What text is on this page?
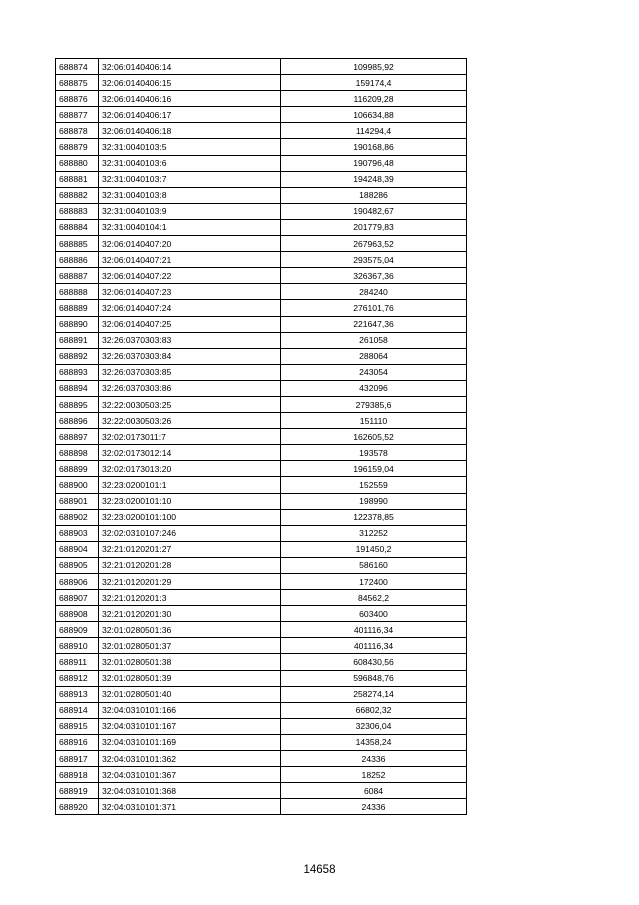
688874	32:06:0140406:14	109985,92
688875	32:06:0140406:15	159174,4
688876	32:06:0140406:16	116209,28
688877	32:06:0140406:17	106634,88
688878	32:06:0140406:18	114294,4
688879	32:31:0040103:5	190168,86
688880	32:31:0040103:6	190796,48
688881	32:31:0040103:7	194248,39
688882	32:31:0040103:8	188286
688883	32:31:0040103:9	190482,67
688884	32:31:0040104:1	201779,83
688885	32:06:0140407:20	267963,52
688886	32:06:0140407:21	293575,04
688887	32:06:0140407:22	326367,36
688888	32:06:0140407:23	284240
688889	32:06:0140407:24	276101,76
688890	32:06:0140407:25	221647,36
688891	32:26:0370303:83	261058
688892	32:26:0370303:84	288064
688893	32:26:0370303:85	243054
688894	32:26:0370303:86	432096
688895	32:22:0030503:25	279385,6
688896	32:22:0030503:26	151110
688897	32:02:0173011:7	162605,52
688898	32:02:0173012:14	193578
688899	32:02:0173013:20	196159,04
688900	32:23:0200101:1	152559
688901	32:23:0200101:10	198990
688902	32:23:0200101:100	122378,85
688903	32:02:0310107:246	312252
688904	32:21:0120201:27	191450,2
688905	32:21:0120201:28	586160
688906	32:21:0120201:29	172400
688907	32:21:0120201:3	84562,2
688908	32:21:0120201:30	603400
688909	32:01:0280501:36	401116,34
688910	32:01:0280501:37	401116,34
688911	32:01:0280501:38	608430,56
688912	32:01:0280501:39	596848,76
688913	32:01:0280501:40	258274,14
688914	32:04:0310101:166	66802,32
688915	32:04:0310101:167	32306,04
688916	32:04:0310101:169	14358,24
688917	32:04:0310101:362	24336
688918	32:04:0310101:367	18252
688919	32:04:0310101:368	6084
688920	32:04:0310101:371	24336
14658
